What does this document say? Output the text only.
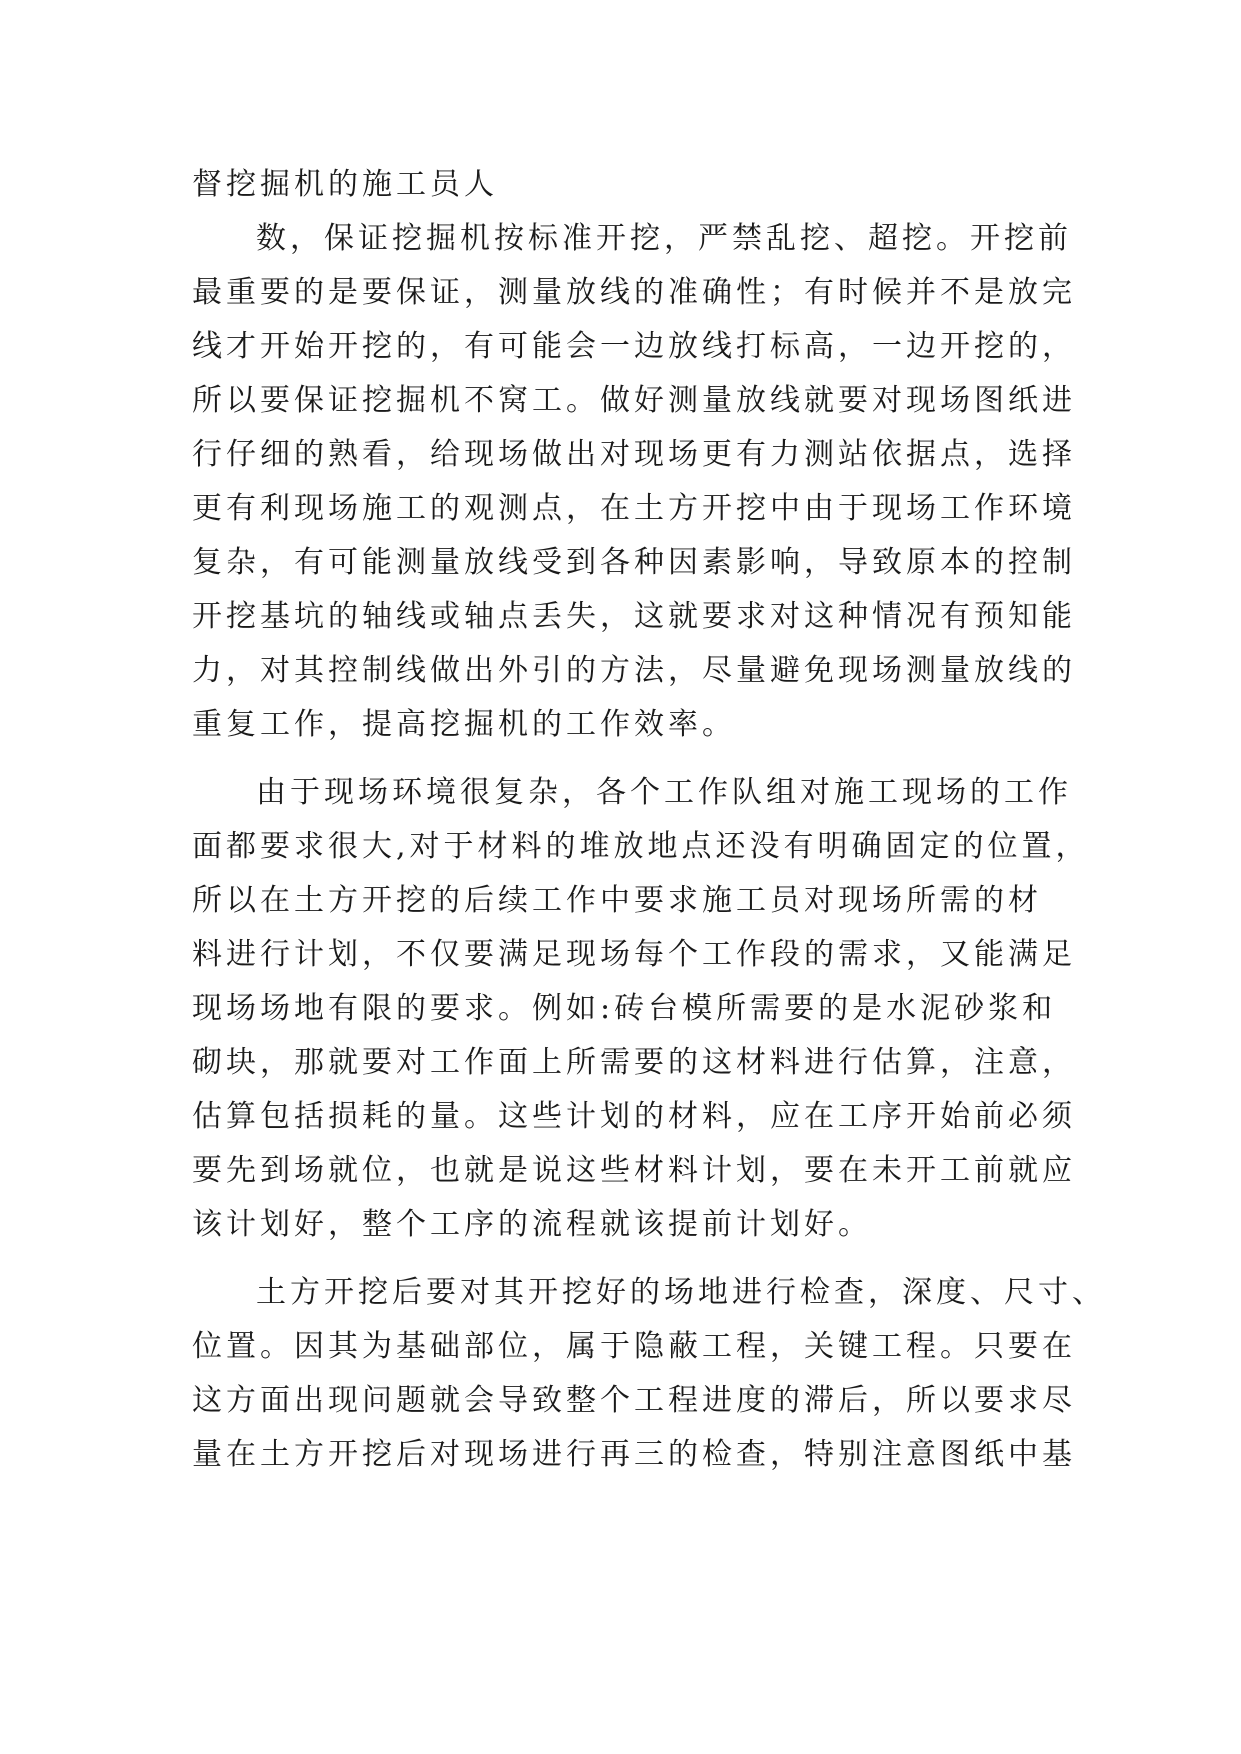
督挖掘机的施工员人
数，保证挖掘机按标准开挖，严禁乱挖、超挖。开挖前
最重要的是要保证，测量放线的准确性；有时候并不是放完
线才开始开挖的，有可能会一边放线打标高，一边开挖的，
所以要保证挖掘机不窝工。做好测量放线就要对现场图纸进
行仔细的熟看，给现场做出对现场更有力测站依据点，选择
更有利现场施工的观测点，在土方开挖中由于现场工作环境
复杂，有可能测量放线受到各种因素影响，导致原本的控制
开挖基坑的轴线或轴点丢失，这就要求对这种情况有预知能
力，对其控制线做出外引的方法，尽量避免现场测量放线的
重复工作，提高挖掘机的工作效率。
由于现场环境很复杂，各个工作队组对施工现场的工作
面都要求很大,对于材料的堆放地点还没有明确固定的位置，
所以在土方开挖的后续工作中要求施工员对现场所需的材
料进行计划，不仅要满足现场每个工作段的需求，又能满足
现场场地有限的要求。例如:砖台模所需要的是水泥砂浆和
砌块，那就要对工作面上所需要的这材料进行估算，注意，
估算包括损耗的量。这些计划的材料，应在工序开始前必须
要先到场就位，也就是说这些材料计划，要在未开工前就应
该计划好，整个工序的流程就该提前计划好。
土方开挖后要对其开挖好的场地进行检查，深度、尺寸、
位置。因其为基础部位，属于隐蔽工程，关键工程。只要在
这方面出现问题就会导致整个工程进度的滞后，所以要求尽
量在土方开挖后对现场进行再三的检查，特别注意图纸中基
